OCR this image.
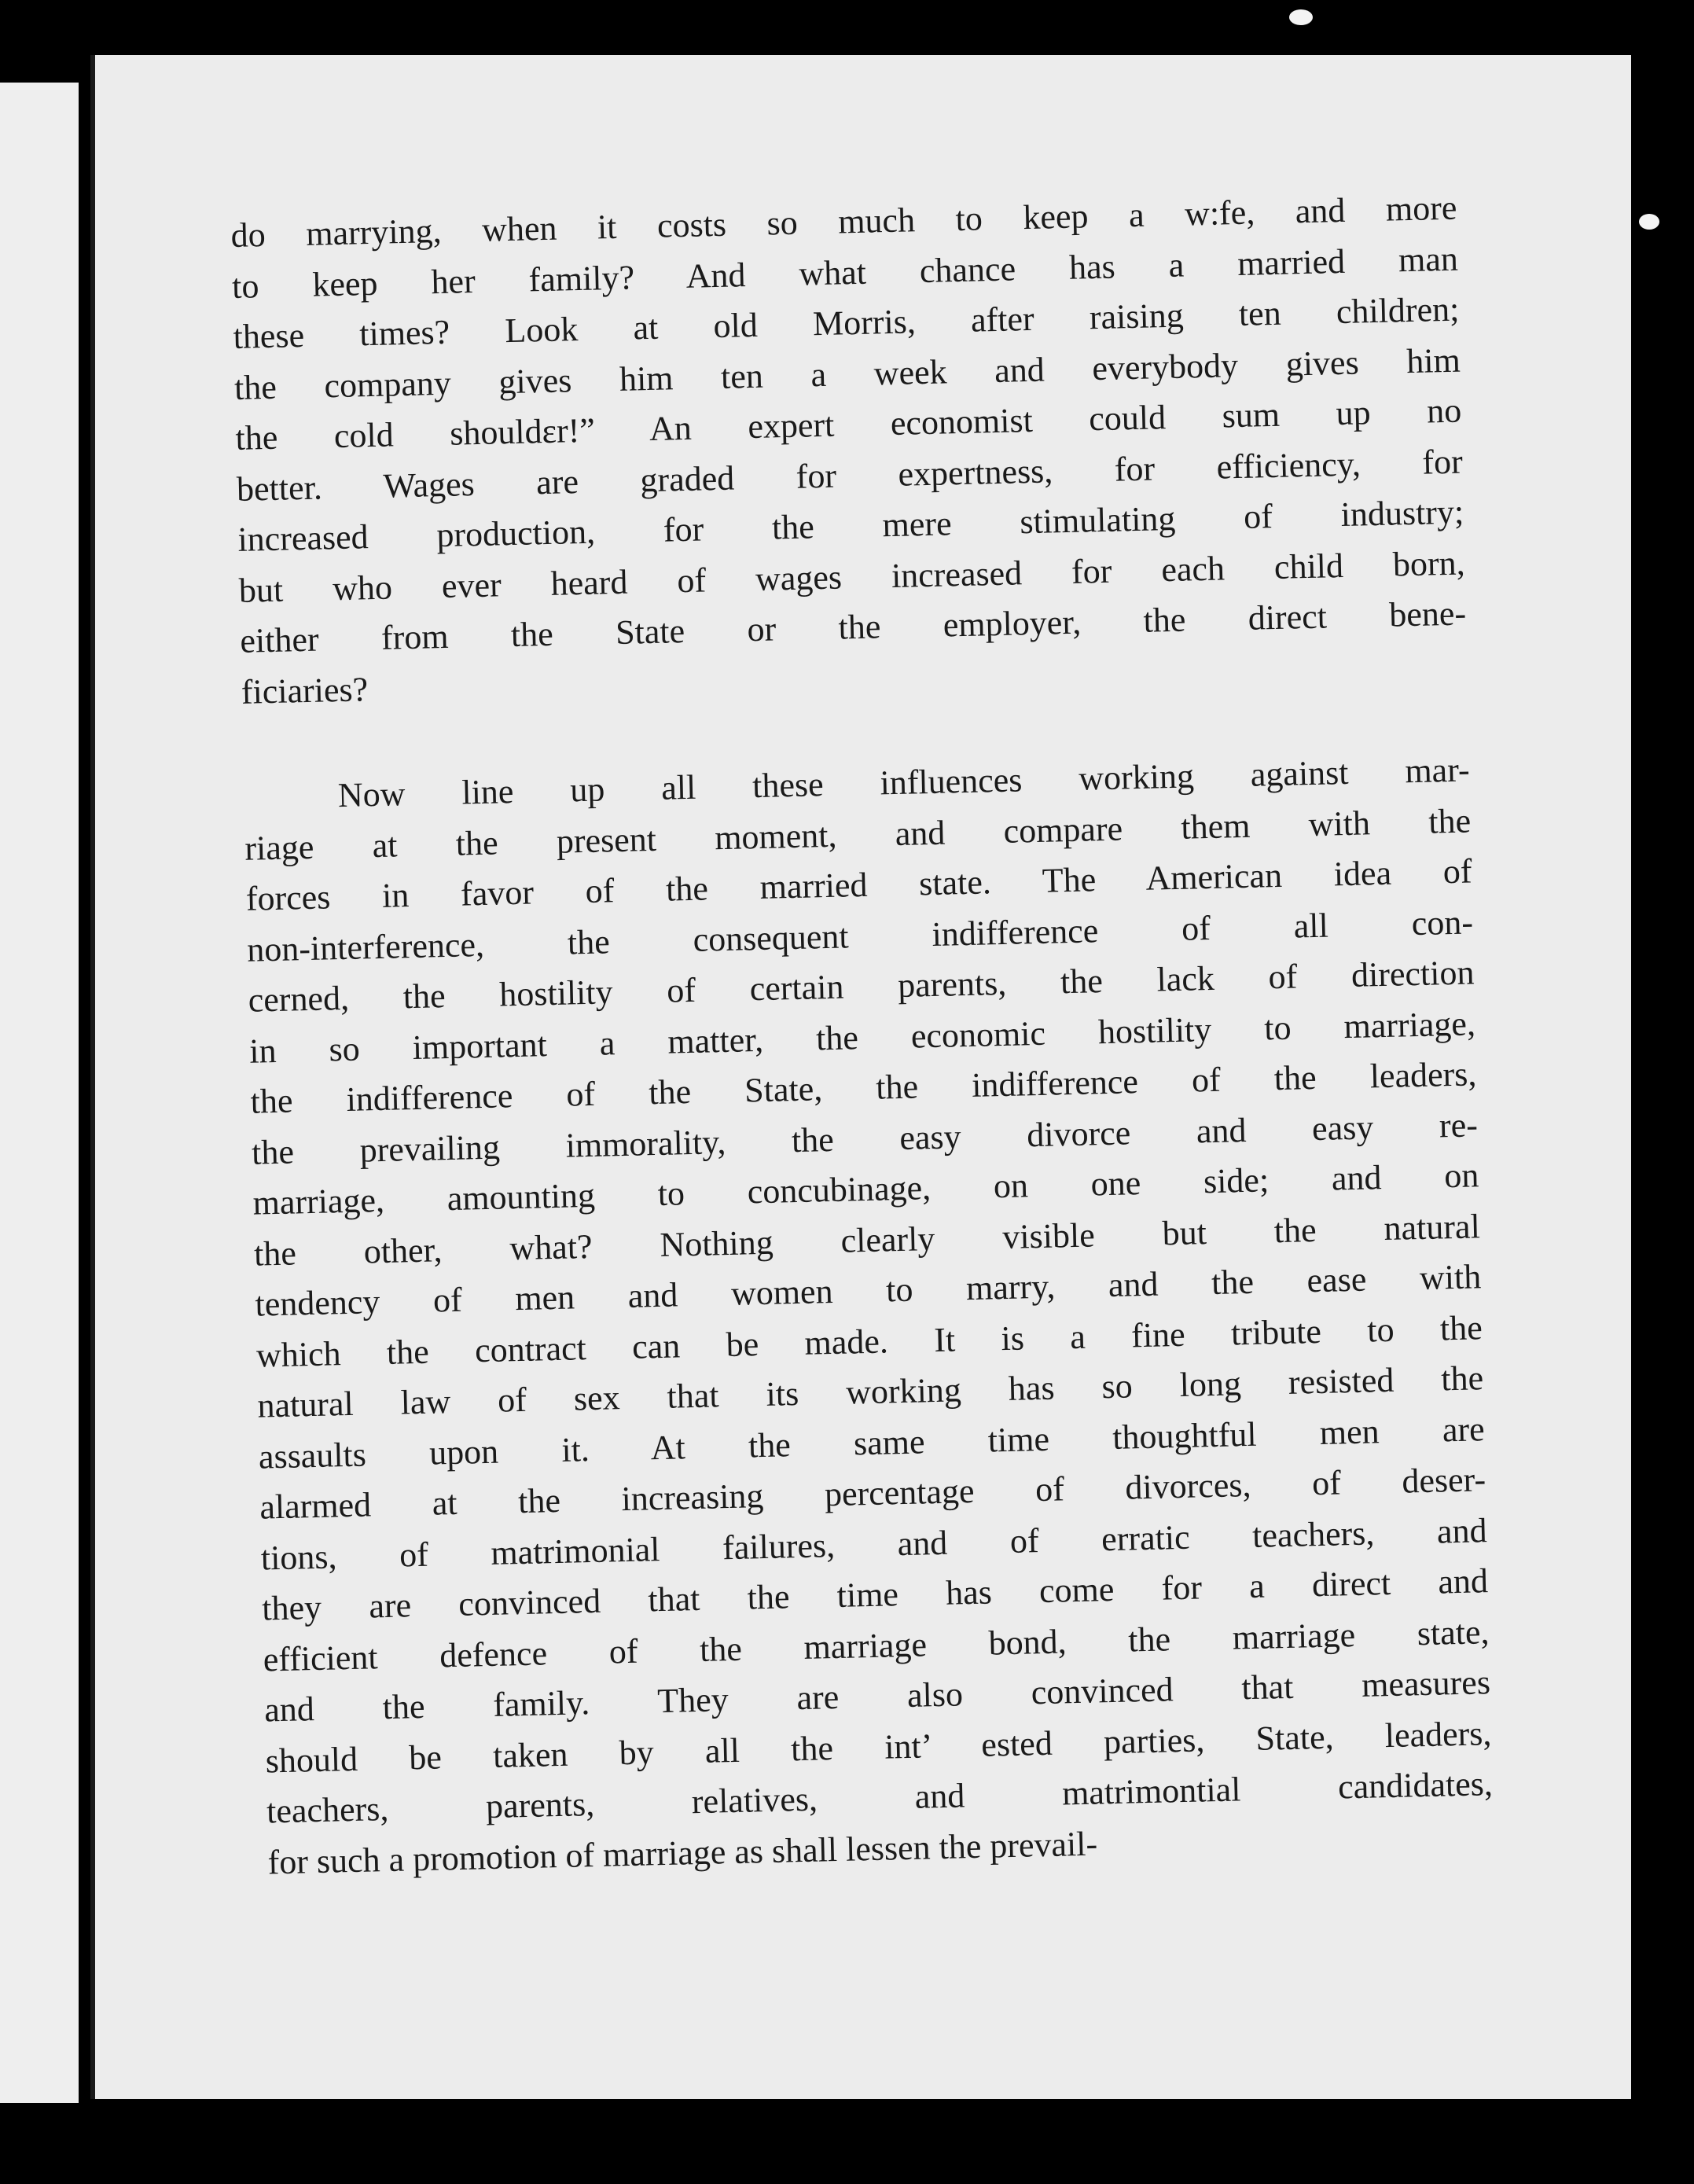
do marrying, when it costs so much to keep a w:fe, and more
to keep her family? And what chance has a married man
these times? Look at old Morris, after raising ten children;
the company gives him ten a week and everybody gives him
the cold shouldɛr!” An expert economist could sum up no
better. Wages are graded for expertness, for efficiency, for
increased production, for the mere stimulating of industry;
but who ever heard of wages increased for each child born,
either from the State or the employer, the direct bene-
ficiaries?
Now line up all these influences working against mar-
riage at the present moment, and compare them with the
forces in favor of the married state. The American idea of
non-interference, the consequent indifference of all con-
cerned, the hostility of certain parents, the lack of direction
in so important a matter, the economic hostility to marriage,
the indifference of the State, the indifference of the leaders,
the prevailing immorality, the easy divorce and easy re-
marriage, amounting to concubinage, on one side; and on
the other, what? Nothing clearly visible but the natural
tendency of men and women to marry, and the ease with
which the contract can be made. It is a fine tribute to the
natural law of sex that its working has so long resisted the
assaults upon it. At the same time thoughtful men are
alarmed at the increasing percentage of divorces, of deser-
tions, of matrimonial failures, and of erratic teachers, and
they are convinced that the time has come for a direct and
efficient defence of the marriage bond, the marriage state,
and the family. They are also convinced that measures
should be taken by all the int’ ested parties, State, leaders,
teachers, parents, relatives, and matrimontial candidates,
for such a promotion of marriage as shall lessen the prevail-
